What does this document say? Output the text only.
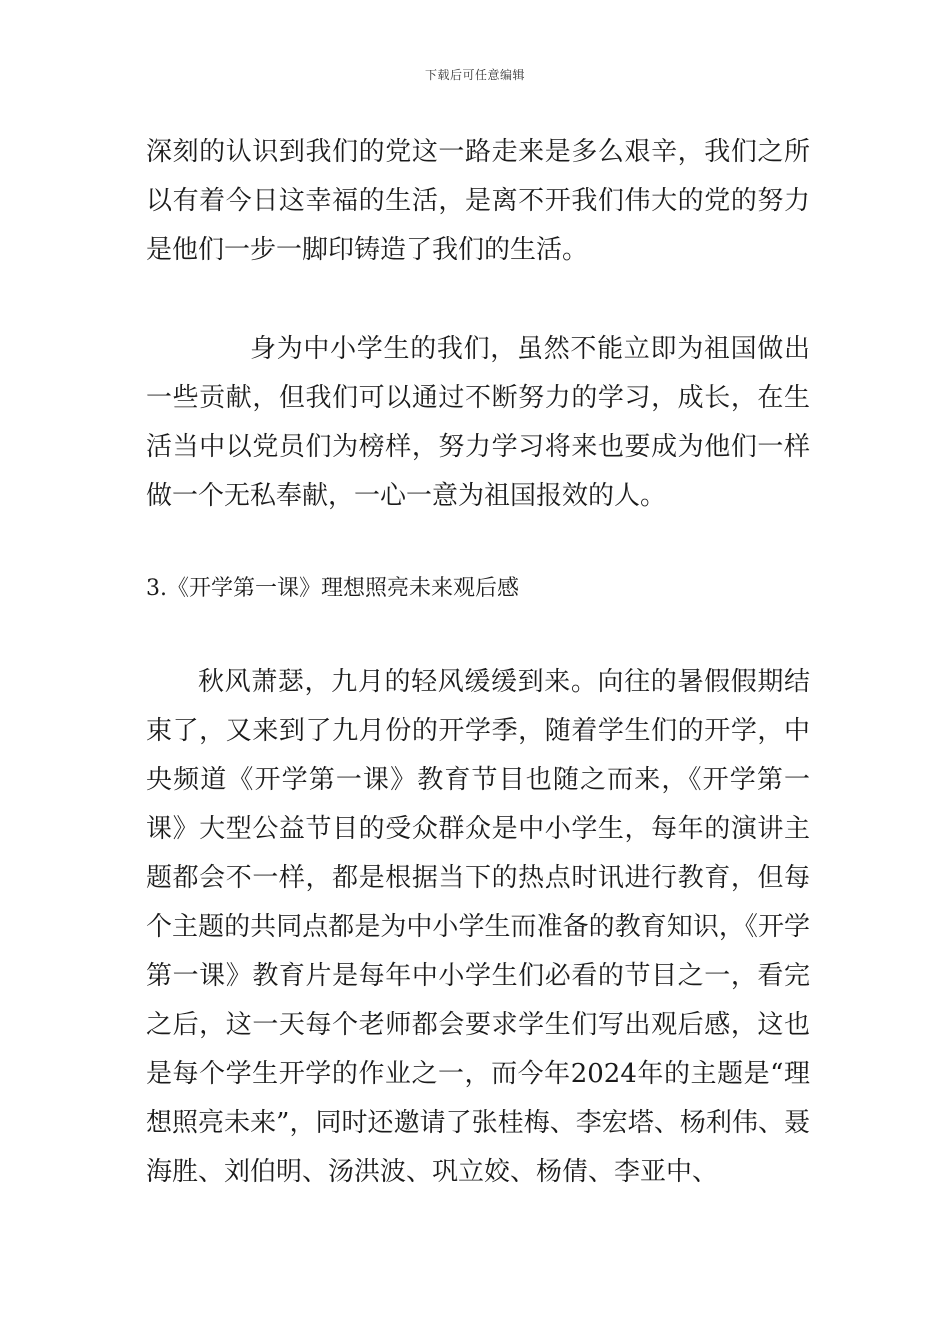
下载后可任意编辑

深刻的认识到我们的党这一路走来是多么艰辛，我们之所以有着今日这幸福的生活，是离不开我们伟大的党的努力是他们一步一脚印铸造了我们的生活。

身为中小学生的我们，虽然不能立即为祖国做出一些贡献，但我们可以通过不断努力的学习，成长，在生活当中以党员们为榜样，努力学习将来也要成为他们一样做一个无私奉献，一心一意为祖国报效的人。

3.《开学第一课》理想照亮未来观后感

秋风萧瑟，九月的轻风缓缓到来。向往的暑假假期结束了，又来到了九月份的开学季，随着学生们的开学，中央频道《开学第一课》教育节目也随之而来，《开学第一课》大型公益节目的受众群众是中小学生，每年的演讲主题都会不一样，都是根据当下的热点时讯进行教育，但每个主题的共同点都是为中小学生而准备的教育知识，《开学第一课》教育片是每年中小学生们必看的节目之一，看完之后，这一天每个老师都会要求学生们写出观后感，这也是每个学生开学的作业之一，而今年2024年的主题是“理想照亮未来”，同时还邀请了张桂梅、李宏塔、杨利伟、聂海胜、刘伯明、汤洪波、巩立姣、杨倩、李亚中、
